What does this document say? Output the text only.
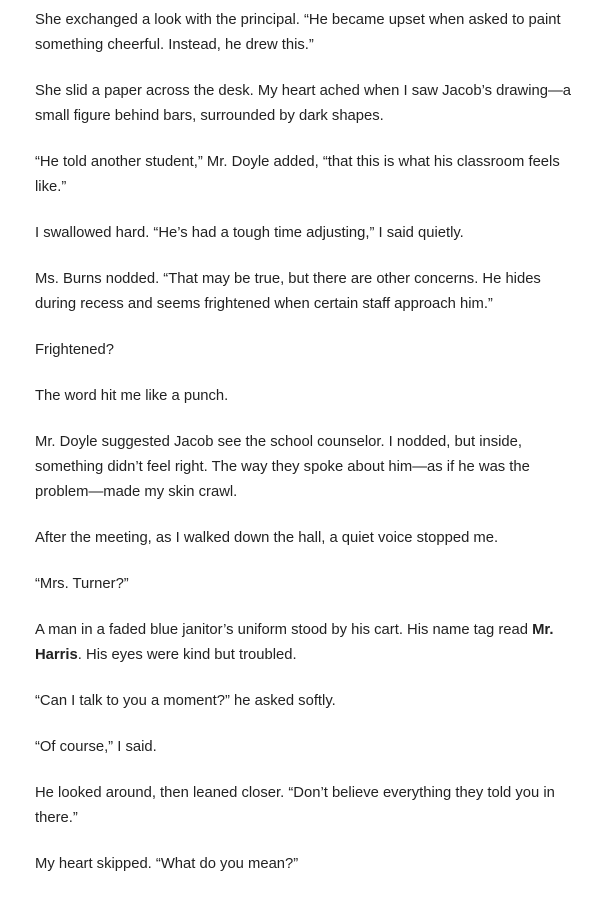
She exchanged a look with the principal. “He became upset when asked to paint something cheerful. Instead, he drew this.”

She slid a paper across the desk. My heart ached when I saw Jacob’s drawing—a small figure behind bars, surrounded by dark shapes.

“He told another student,” Mr. Doyle added, “that this is what his classroom feels like.”

I swallowed hard. “He’s had a tough time adjusting,” I said quietly.

Ms. Burns nodded. “That may be true, but there are other concerns. He hides during recess and seems frightened when certain staff approach him.”

Frightened?

The word hit me like a punch.

Mr. Doyle suggested Jacob see the school counselor. I nodded, but inside, something didn’t feel right. The way they spoke about him—as if he was the problem—made my skin crawl.

After the meeting, as I walked down the hall, a quiet voice stopped me.

“Mrs. Turner?”

A man in a faded blue janitor’s uniform stood by his cart. His name tag read Mr. Harris. His eyes were kind but troubled.

“Can I talk to you a moment?” he asked softly.

“Of course,” I said.

He looked around, then leaned closer. “Don’t believe everything they told you in there.”

My heart skipped. “What do you mean?”
